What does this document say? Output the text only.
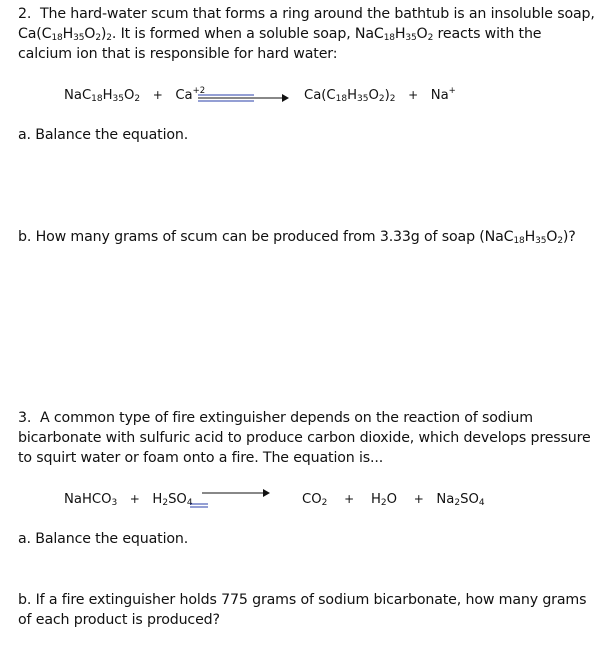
2. The hard-water scum that forms a ring around the bathtub is an insoluble soap,
$Ca(C_{18}H_{35}O_2)_2$. It is formed when a soluble soap, $NaC_{18}H_{35}O_2$ reacts with the
calcium ion that is responsible for hard water:
$NaC_{18}H_{35}O_2 + Ca^{+2}$	$Ca(C_{18}H_{35}O_2)_2 + Na^+$
a. Balance the equation.
b. How many grams of scum can be produced from 3.33g of soap $(NaC_{18}H_{35}O_2)$?
3. A common type of fire extinguisher depends on the reaction of sodium
bicarbonate with sulfuric acid to produce carbon dioxide, which develops pressure
to squirt water or foam onto a fire. The equation is...
NaHCO$_3$ + $H_2SO_4$	$CO_2 + H_2O + Na_2SO_4$
a. Balance the equation.
b. If a fire extinguisher holds 775 grams of sodium bicarbonate, how many grams
of each product is produced?
